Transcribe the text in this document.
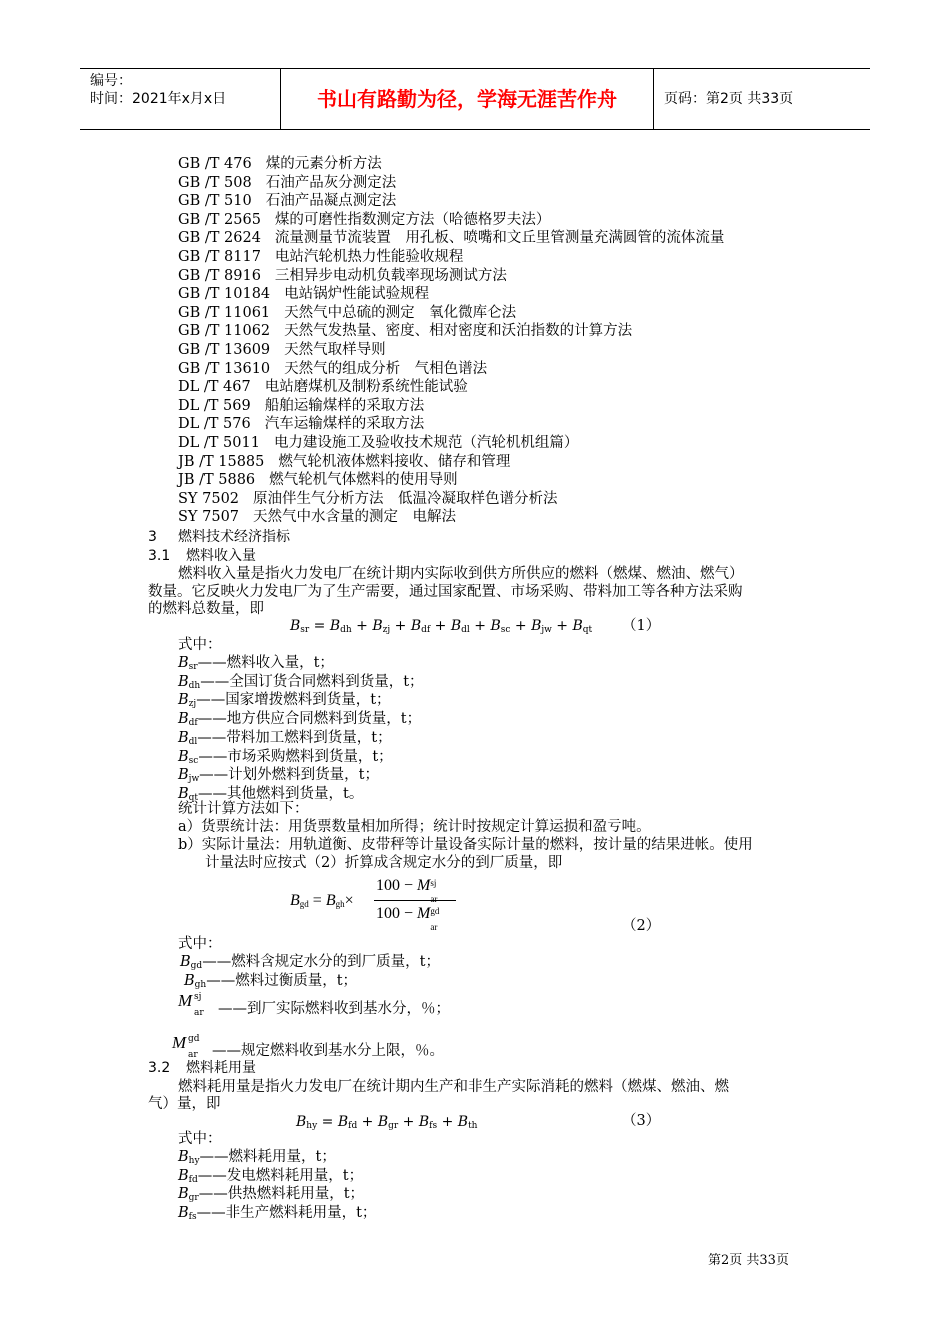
编号：
时间：2021年x月x日	书山有路勤为径，学海无涯苦作舟	页码：第2页 共33页
GB /T 476 煤的元素分析方法
GB /T 508 石油产品灰分测定法
GB /T 510 石油产品凝点测定法
GB /T 2565 煤的可磨性指数测定方法（哈德格罗夫法）
GB /T 2624 流量测量节流装置　用孔板、喷嘴和文丘里管测量充满圆管的流体流量
GB /T 8117 电站汽轮机热力性能验收规程
GB /T 8916 三相异步电动机负载率现场测试方法
GB /T 10184 电站锅炉性能试验规程
GB /T 11061 天然气中总硫的测定　氧化微库仑法
GB /T 11062 天然气发热量、密度、相对密度和沃泊指数的计算方法
GB /T 13609 天然气取样导则
GB /T 13610 天然气的组成分析　气相色谱法
DL /T 467 电站磨煤机及制粉系统性能试验
DL /T 569 船舶运输煤样的采取方法
DL /T 576 汽车运输煤样的采取方法
DL /T 5011 电力建设施工及验收技术规范（汽轮机机组篇）
JB /T 15885 燃气轮机液体燃料接收、储存和管理
JB /T 5886 燃气轮机气体燃料的使用导则
SY 7502 原油伴生气分析方法　低温冷凝取样色谱分析法
SY 7507 天然气中水含量的测定　电解法
3 燃料技术经济指标
3.1 燃料收入量
燃料收入量是指火力发电厂在统计期内实际收到供方所供应的燃料（燃煤、燃油、燃气）
数量。它反映火力发电厂为了生产需要，通过国家配置、市场采购、带料加工等各种方法采购
的燃料总数量，即
$B_{sr} = B_{dh} + B_{zj} + B_{df} + B_{dl} + B_{sc} + B_{jw} + B_{qt}$ （1）
式中：
$B_{sr}——$燃料收入量，t；
$B_{dh}——$全国订货合同燃料到货量，t；
$B_{zj}——$国家增拨燃料到货量，t；
$B_{df}——$地方供应合同燃料到货量，t；
$B_{dl}——$带料加工燃料到货量，t；
$B_{sc}——$市场采购燃料到货量，t；
$B_{jw}——$计划外燃料到货量，t；
$B_{qt}——$其他燃料到货量，t。
统计计算方法如下：
a）货票统计法：用货票数量相加所得；统计时按规定计算运损和盈亏吨。
b）实际计量法：用轨道衡、皮带秤等计量设备实际计量的燃料，按计量的结果进帐。使用
计量法时应按式（2）折算成含规定水分的到厂质量，即
$B_{gd} = B_{gh}\times$
100 − M sj
ar
100 − M gd
ar	（2）
式中：
$B_{gd}——$燃料含规定水分的到厂质量，t；
$B_{gh}——$燃料过衡质量，t；
M sj
ar ——到厂实际燃料收到基水分，％；
M gd
ar ——规定燃料收到基水分上限，％。
3.2 燃料耗用量
燃料耗用量是指火力发电厂在统计期内生产和非生产实际消耗的燃料（燃煤、燃油、燃
气）量，即
$B_{hy} = B_{fd} + B_{gr} + B_{fs} + B_{th}$	（3）
式中：
$B_{hy}——$燃料耗用量，t；
$B_{fd}——$发电燃料耗用量，t；
$B_{gr}——$供热燃料耗用量，t；
$B_{fs}——$非生产燃料耗用量，t；
第2页 共33页
